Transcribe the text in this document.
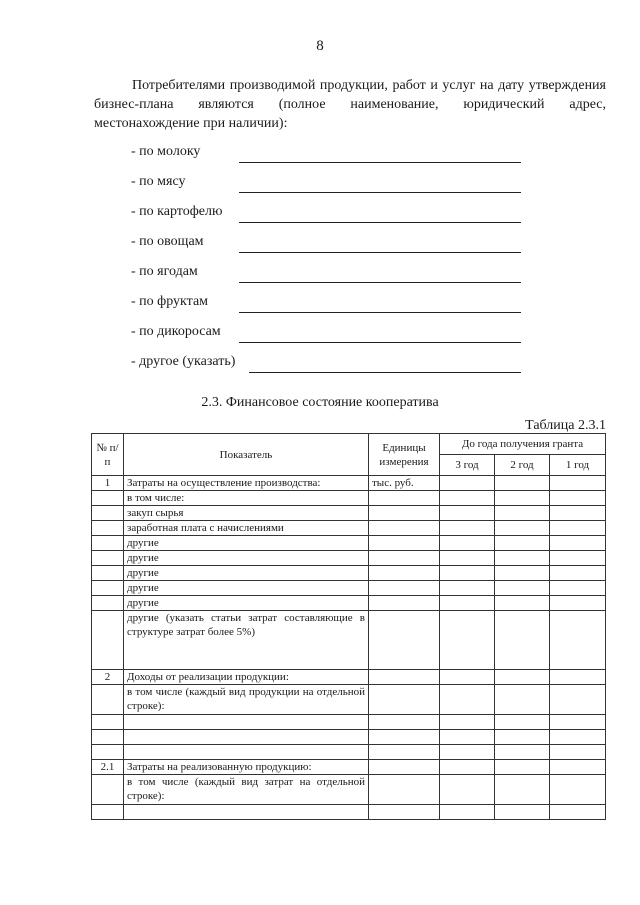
8
Потребителями производимой продукции, работ и услуг на дату утверждения бизнес-плана являются (полное наименование, юридический адрес, местонахождение при наличии):
- по молоку
- по мясу
- по картофелю
- по овощам
- по ягодам
- по фруктам
- по дикоросам
- другое (указать)
2.3. Финансовое состояние кооператива
Таблица 2.3.1
№ п/п	Показатель	Единицы измерения	До года получения гранта		
			3 год	2 год	1 год
1	Затраты на осуществление производства:	тыс. руб.			
	в том числе:				
	закуп сырья				
	заработная плата с начислениями				
	другие				
	другие				
	другие				
	другие				
	другие				
	другие (указать статьи затрат составляющие в структуре затрат более 5%)				
2	Доходы от реализации продукции:				
	в том числе (каждый вид продукции на отдельной строке):				

2.1	Затраты на реализованную продукцию:				
	в том числе (каждый вид затрат на отдельной строке):				
